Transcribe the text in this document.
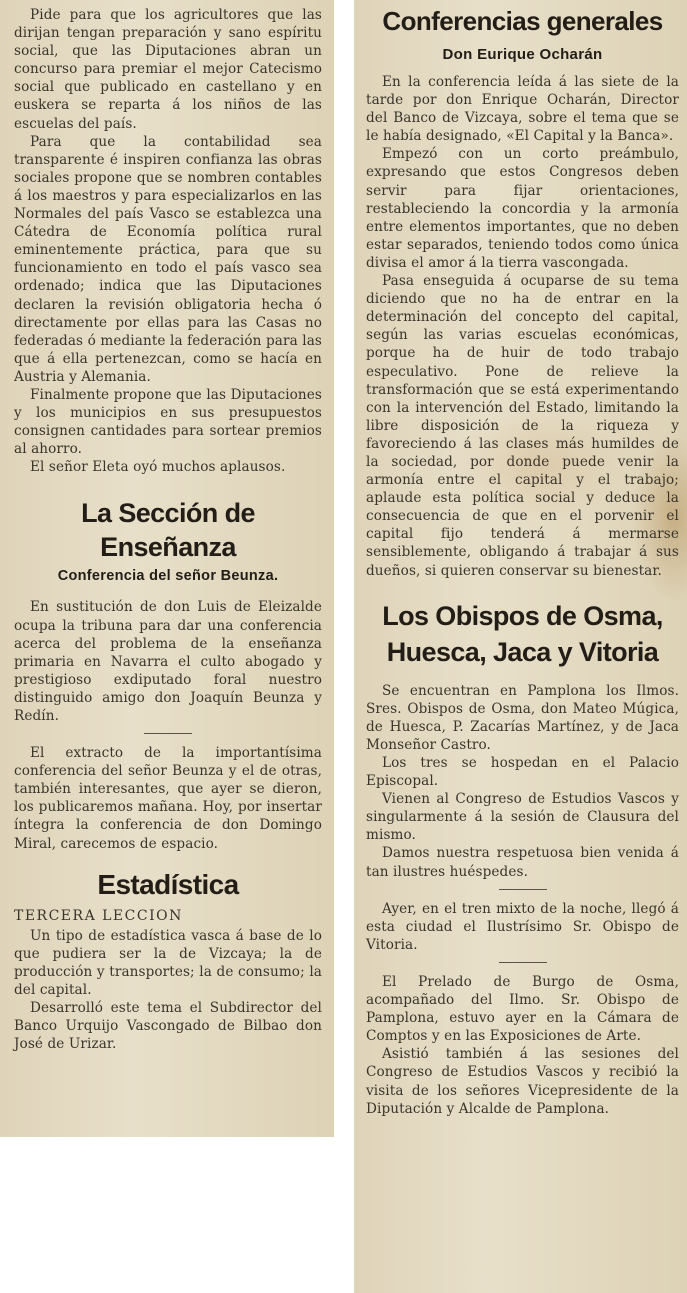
Pide para que los agricultores que las dirijan tengan preparación y sano espíritu social, que las Diputaciones abran un concurso para premiar el mejor Catecismo social que publicado en castellano y en euskera se reparta á los niños de las escuelas del país.

Para que la contabilidad sea transparente é inspiren confianza las obras sociales propone que se nombren contables á los maestros y para especializarlos en las Normales del país Vasco se establezca una Cátedra de Economía política rural eminentemente práctica, para que su funcionamiento en todo el país vasco sea ordenado; indica que las Diputaciones declaren la revisión obligatoria hecha ó directamente por ellas para las Casas no federadas ó mediante la federación para las que á ella pertenezcan, como se hacía en Austria y Alemania.

Finalmente propone que las Diputaciones y los municipios en sus presupuestos consignen cantidades para sortear premios al ahorro.

El señor Eleta oyó muchos aplausos.

La Sección de Enseñanza
Conferencia del señor Beunza.

En sustitución de don Luis de Eleizalde ocupa la tribuna para dar una conferencia acerca del problema de la enseñanza primaria en Navarra el culto abogado y prestigioso exdiputado foral nuestro distinguido amigo don Joaquín Beunza y Redín.

El extracto de la importantísima conferencia del señor Beunza y el de otras, también interesantes, que ayer se dieron, los publicaremos mañana. Hoy, por insertar íntegra la conferencia de don Domingo Miral, carecemos de espacio.

Estadística

TERCERA LECCION

Un tipo de estadística vasca á base de lo que pudiera ser la de Vizcaya; la de producción y transportes; la de consumo; la del capital.

Desarrolló este tema el Subdirector del Banco Urquijo Vascongado de Bilbao don José de Urizar.

Conferencias generales
Don Eurique Ocharán

En la conferencia leída á las siete de la tarde por don Enrique Ocharán, Director del Banco de Vizcaya, sobre el tema que se le había designado, «El Capital y la Banca».

Empezó con un corto preámbulo, expresando que estos Congresos deben servir para fijar orientaciones, restableciendo la concordia y la armonía entre elementos importantes, que no deben estar separados, teniendo todos como única divisa el amor á la tierra vascongada.

Pasa enseguida á ocuparse de su tema diciendo que no ha de entrar en la determinación del concepto del capital, según las varias escuelas económicas, porque ha de huir de todo trabajo especulativo. Pone de relieve la transformación que se está experimentando con la intervención del Estado, limitando la libre disposición de la riqueza y favoreciendo á las clases más humildes de la sociedad, por donde puede venir la armonía entre el capital y el trabajo; aplaude esta política social y deduce la consecuencia de que en el porvenir el capital fijo tenderá á mermarse sensiblemente, obligando á trabajar á sus dueños, si quieren conservar su bienestar.

Los Obispos de Osma,
Huesca, Jaca y Vitoria

Se encuentran en Pamplona los Ilmos. Sres. Obispos de Osma, don Mateo Múgica, de Huesca, P. Zacarías Martínez, y de Jaca Monseñor Castro.

Los tres se hospedan en el Palacio Episcopal.

Vienen al Congreso de Estudios Vascos y singularmente á la sesión de Clausura del mismo.

Damos nuestra respetuosa bien venida á tan ilustres huéspedes.

Ayer, en el tren mixto de la noche, llegó á esta ciudad el Ilustrísimo Sr. Obispo de Vitoria.

El Prelado de Burgo de Osma, acompañado del Ilmo. Sr. Obispo de Pamplona, estuvo ayer en la Cámara de Comptos y en las Exposiciones de Arte.

Asistió también á las sesiones del Congreso de Estudios Vascos y recibió la visita de los señores Vicepresidente de la Diputación y Alcalde de Pamplona.
